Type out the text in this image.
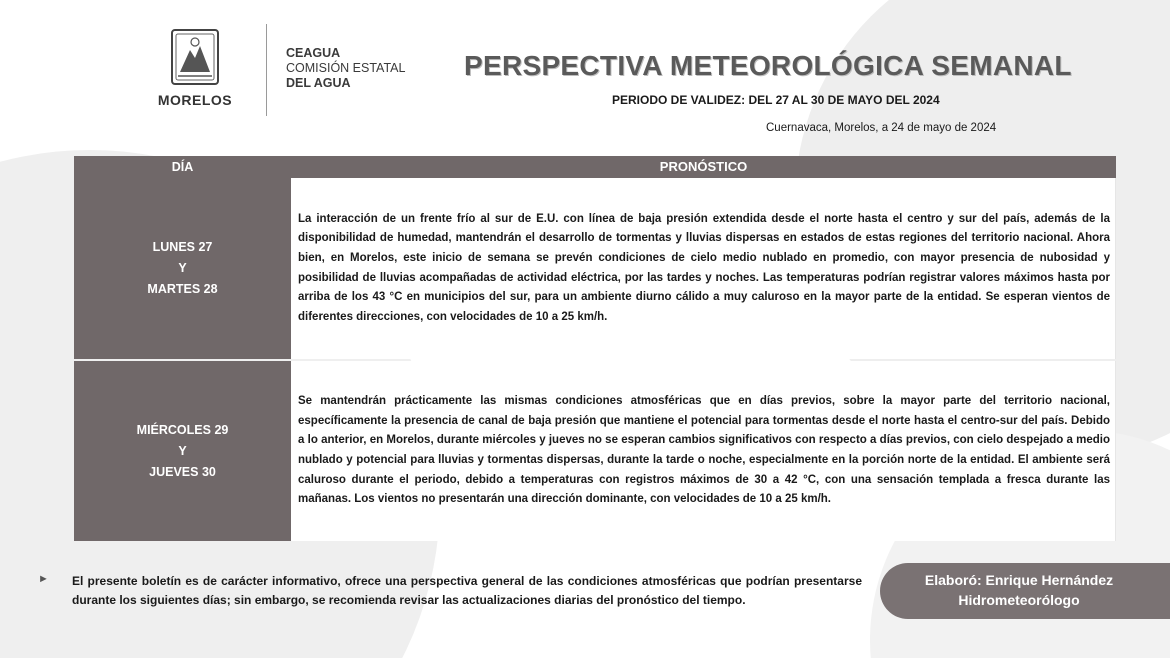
MORELOS
CEAGUA
COMISIÓN ESTATAL
DEL AGUA
PERSPECTIVA METEOROLÓGICA SEMANAL
PERIODO DE VALIDEZ: DEL 27 AL 30 DE MAYO DEL 2024
Cuernavaca, Morelos, a 24 de mayo de 2024
DÍA	PRONÓSTICO
LUNES 27
Y
MARTES 28
La interacción de un frente frío al sur de E.U. con línea de baja presión extendida desde el norte hasta el centro y sur del país, además de la disponibilidad de humedad, mantendrán el desarrollo de tormentas y lluvias dispersas en estados de estas regiones del territorio nacional. Ahora bien, en Morelos, este inicio de semana se prevén condiciones de cielo medio nublado en promedio, con mayor presencia de nubosidad y posibilidad de lluvias acompañadas de actividad eléctrica, por las tardes y noches. Las temperaturas podrían registrar valores máximos hasta por arriba de los 43 °C en municipios del sur, para un ambiente diurno cálido a muy caluroso en la mayor parte de la entidad. Se esperan vientos de diferentes direcciones, con velocidades de 10 a 25 km/h.
MIÉRCOLES 29
Y
JUEVES 30
Se mantendrán prácticamente las mismas condiciones atmosféricas que en días previos, sobre la mayor parte del territorio nacional, específicamente la presencia de canal de baja presión que mantiene el potencial para tormentas desde el norte hasta el centro-sur del país. Debido a lo anterior, en Morelos, durante miércoles y jueves no se esperan cambios significativos con respecto a días previos, con cielo despejado a medio nublado y potencial para lluvias y tormentas dispersas, durante la tarde o noche, especialmente en la porción norte de la entidad. El ambiente será caluroso durante el periodo, debido a temperaturas con registros máximos de 30 a 42 °C, con una sensación templada a fresca durante las mañanas. Los vientos no presentarán una dirección dominante, con velocidades de 10 a 25 km/h.
► El presente boletín es de carácter informativo, ofrece una perspectiva general de las condiciones atmosféricas que podrían presentarse durante los siguientes días; sin embargo, se recomienda revisar las actualizaciones diarias del pronóstico del tiempo.
Elaboró: Enrique Hernández
Hidrometeorólogo
